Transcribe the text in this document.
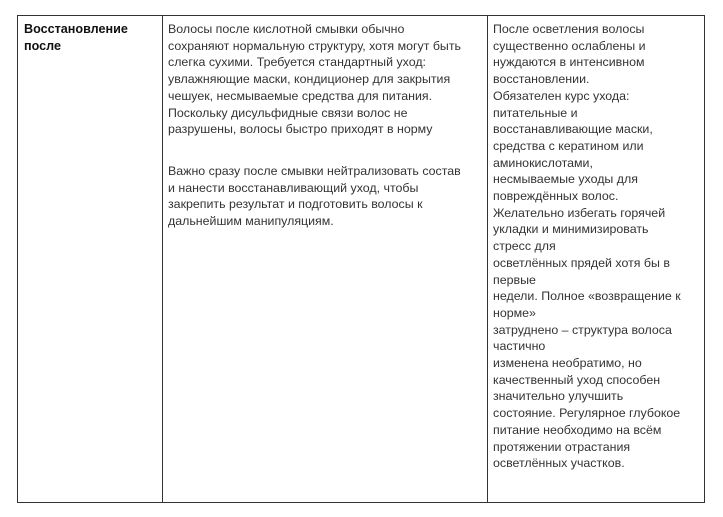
Восстановление
после

Волосы после кислотной смывки обычно
сохраняют нормальную структуру, хотя могут быть
слегка сухими. Требуется стандартный уход:
увлажняющие маски, кондиционер для закрытия
чешуек, несмываемые средства для питания.
Поскольку дисульфидные связи волос не
разрушены, волосы быстро приходят в норму

Важно сразу после смывки нейтрализовать состав
и нанести восстанавливающий уход, чтобы
закрепить результат и подготовить волосы к
дальнейшим манипуляциям.

После осветления волосы
существенно ослаблены и
нуждаются в интенсивном
восстановлении.
Обязателен курс ухода:
питательные и
восстанавливающие маски,
средства с кератином или
аминокислотами,
несмываемые уходы для
повреждённых волос.
Желательно избегать горячей
укладки и минимизировать
стресс для
осветлённых прядей хотя бы в
первые
недели. Полное «возвращение к
норме»
затруднено – структура волоса
частично
изменена необратимо, но
качественный уход способен
значительно улучшить
состояние. Регулярное глубокое
питание необходимо на всём
протяжении отрастания
осветлённых участков.
